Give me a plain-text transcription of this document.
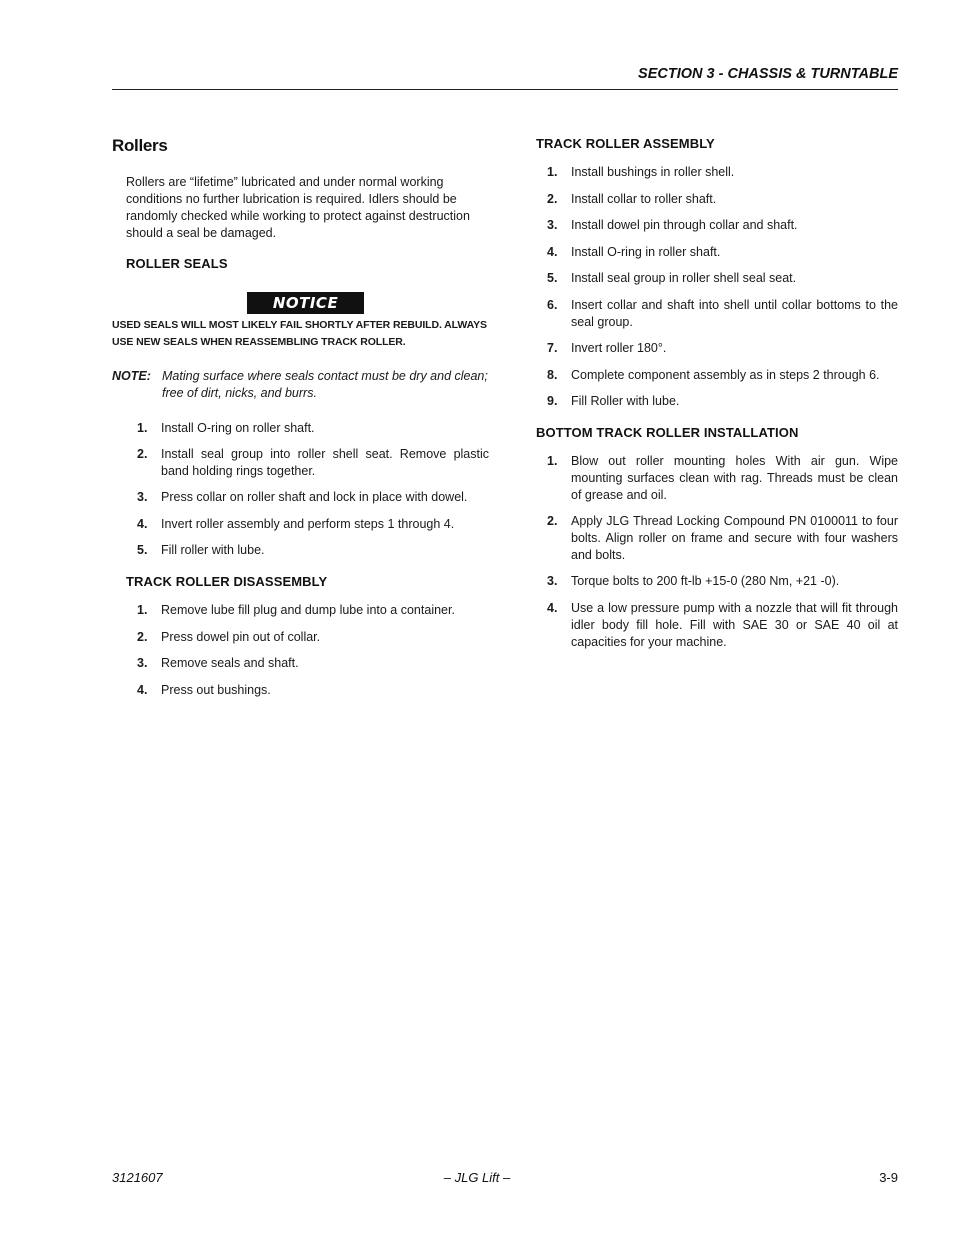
SECTION 3 - CHASSIS & TURNTABLE
Rollers

Rollers are “lifetime” lubricated and under normal working conditions no further lubrication is required. Idlers should be randomly checked while working to protect against destruction should a seal be damaged.

ROLLER SEALS
NOTICE

USED SEALS WILL MOST LIKELY FAIL SHORTLY AFTER REBUILD. ALWAYS USE NEW SEALS WHEN REASSEMBLING TRACK ROLLER.

NOTE: Mating surface where seals contact must be dry and clean; free of dirt, nicks, and burrs.
1. Install O-ring on roller shaft.
2. Install seal group into roller shell seat. Remove plastic band holding rings together.
3. Press collar on roller shaft and lock in place with dowel.
4. Invert roller assembly and perform steps 1 through 4.
5. Fill roller with lube.
TRACK ROLLER DISASSEMBLY
1. Remove lube fill plug and dump lube into a container.
2. Press dowel pin out of collar.
3. Remove seals and shaft.
4. Press out bushings.
TRACK ROLLER ASSEMBLY
1. Install bushings in roller shell.
2. Install collar to roller shaft.
3. Install dowel pin through collar and shaft.
4. Install O-ring in roller shaft.
5. Install seal group in roller shell seal seat.
6. Insert collar and shaft into shell until collar bottoms to the seal group.
7. Invert roller 180°.
8. Complete component assembly as in steps 2 through 6.
9. Fill Roller with lube.
BOTTOM TRACK ROLLER INSTALLATION
1. Blow out roller mounting holes With air gun. Wipe mounting surfaces clean with rag. Threads must be clean of grease and oil.
2. Apply JLG Thread Locking Compound PN 0100011 to four bolts. Align roller on frame and secure with four washers and bolts.
3. Torque bolts to 200 ft-lb +15-0 (280 Nm, +21 -0).
4. Use a low pressure pump with a nozzle that will fit through idler body fill hole. Fill with SAE 30 or SAE 40 oil at capacities for your machine.
– JLG Lift –
3121607	3-9
